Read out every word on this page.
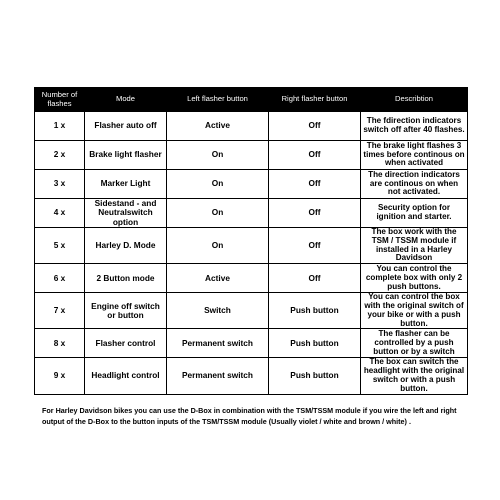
Number of flashes	Mode	Left flasher button	Right flasher button	Describtion
1 x	Flasher auto off	Active	Off	The fdirection indicators switch off after 40 flashes.
2 x	Brake light flasher	On	Off	The brake light flashes 3 times before continous on when activated
3 x	Marker Light	On	Off	The direction indicators are continous on when not activated.
4 x	Sidestand - and Neutralswitch option	On	Off	Security option for ignition and starter.
5 x	Harley D. Mode	On	Off	The box work with the TSM / TSSM module if installed in a Harley Davidson
6 x	2 Button mode	Active	Off	You can control the complete box with only 2 push buttons.
7 x	Engine off switch or button	Switch	Push button	You can control the box with the original switch of your bike or with a push button.
8 x	Flasher control	Permanent switch	Push button	The flasher can be controlled by a push button or by a switch
9 x	Headlight control	Permanent switch	Push button	The box can switch the headlight with the original switch or with a push button.

For Harley Davidson bikes you can use the D-Box in combination with the TSM/TSSM module if you wire the left and right output of the D-Box to the button inputs of the TSM/TSSM module (Usually violet / white and brown / white) .
